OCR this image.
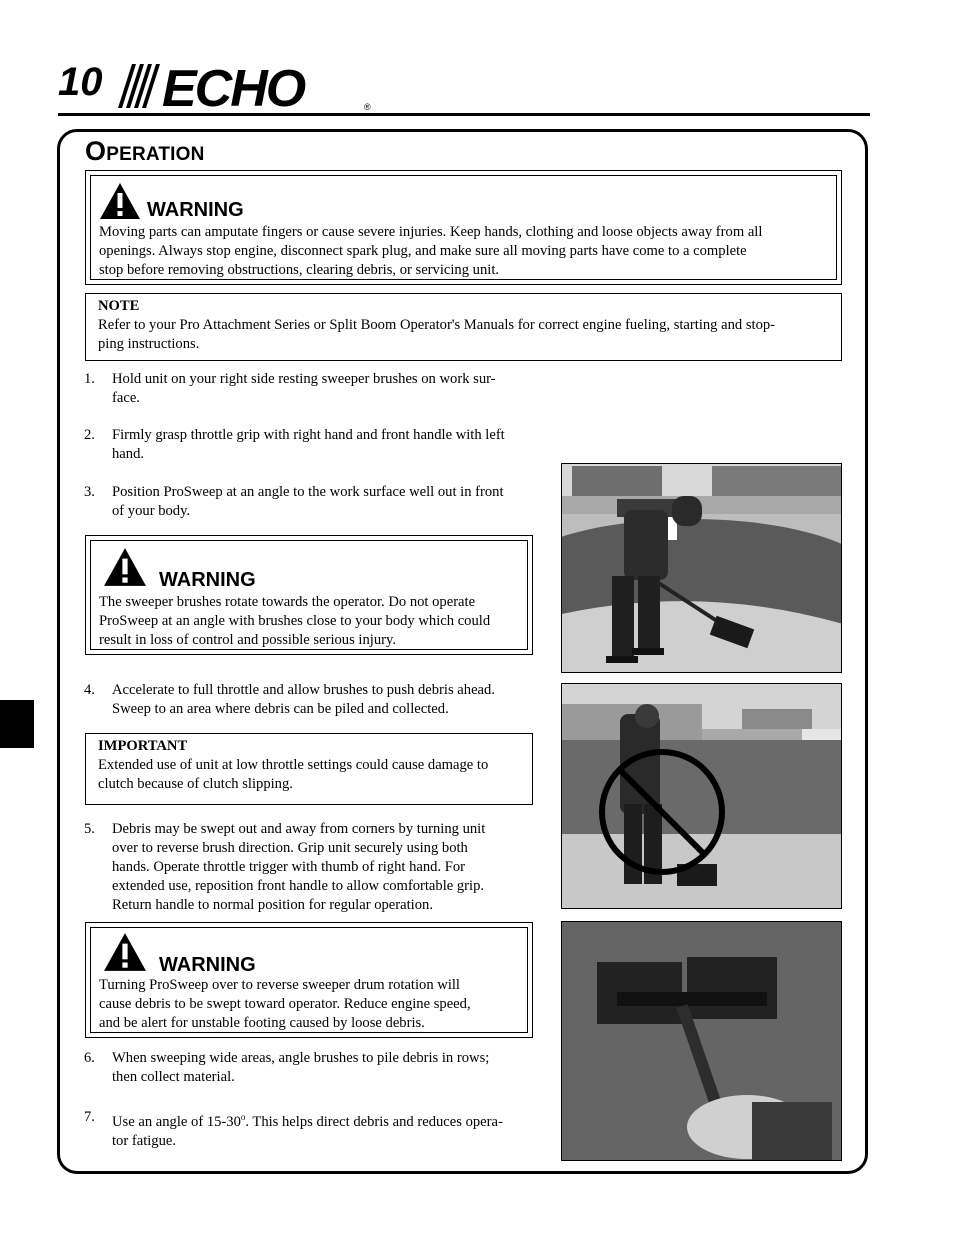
10 ECHO	®
OPERATION
WARNING
Moving parts can amputate fingers or cause severe injuries. Keep hands, clothing and loose objects away from all
openings. Always stop engine, disconnect spark plug, and make sure all moving parts have come to a complete
stop before removing obstructions, clearing debris, or servicing unit.
NOTE
Refer to your Pro Attachment Series or Split Boom Operator's Manuals for correct engine fueling, starting and stop-
ping instructions.
1. Hold unit on your right side resting sweeper brushes on work sur-
face.
2. Firmly grasp throttle grip with right hand and front handle with left
hand.
3. Position ProSweep at an angle to the work surface well out in front
of your body.
WARNING
The sweeper brushes rotate towards the operator. Do not operate
ProSweep at an angle with brushes close to your body which could
result in loss of control and possible serious injury.
4. Accelerate to full throttle and allow brushes to push debris ahead.
Sweep to an area where debris can be piled and collected.
IMPORTANT
Extended use of unit at low throttle settings could cause damage to
clutch because of clutch slipping.
5. Debris may be swept out and away from corners by turning unit
over to reverse brush direction. Grip unit securely using both
hands. Operate throttle trigger with thumb of right hand. For
extended use, reposition front handle to allow comfortable grip.
Return handle to normal position for regular operation.
WARNING
Turning ProSweep over to reverse sweeper drum rotation will
cause debris to be swept toward operator. Reduce engine speed,
and be alert for unstable footing caused by loose debris.
6. When sweeping wide areas, angle brushes to pile debris in rows;
then collect material.
7. Use an angle of 15-30$^o$. This helps direct debris and reduces opera-
tor fatigue.
